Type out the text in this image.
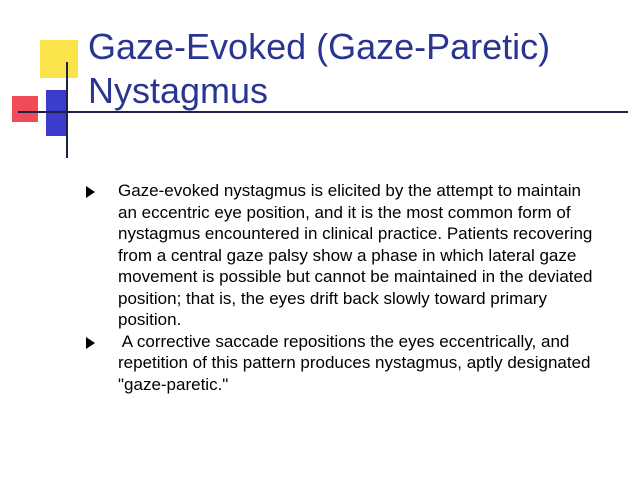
Gaze-Evoked (Gaze-Paretic)
Nystagmus
Gaze-evoked nystagmus is elicited by the attempt to maintain
an eccentric eye position, and it is the most common form of
nystagmus encountered in clinical practice. Patients recovering
from a central gaze palsy show a phase in which lateral gaze
movement is possible but cannot be maintained in the deviated
position; that is, the eyes drift back slowly toward primary
position.
A corrective saccade repositions the eyes eccentrically, and
repetition of this pattern produces nystagmus, aptly designated
"gaze-paretic."
